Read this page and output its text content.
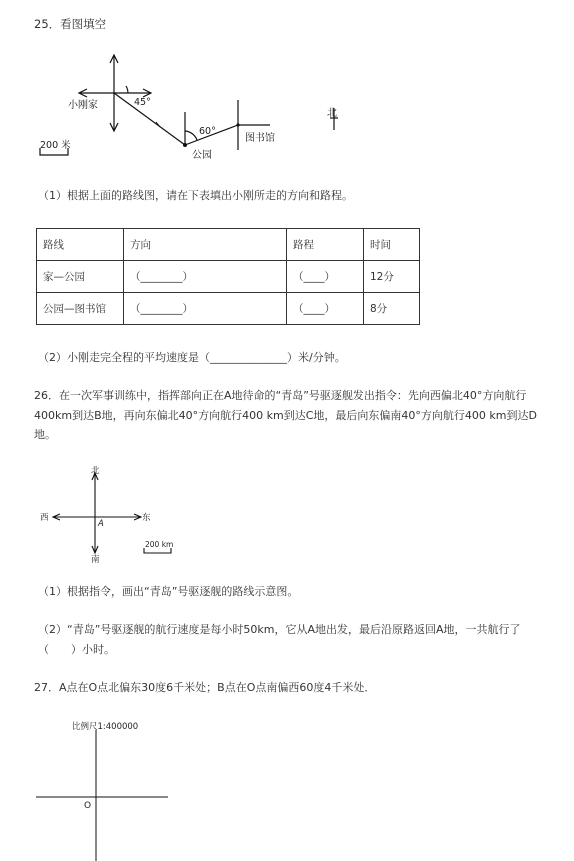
25．看图填空
小刚家	45°
60°
公园
图书馆
北
200 米
（1）根据上面的路线图，请在下表填出小刚所走的方向和路程。
路线	方向	路程	时间
家—公园	（________）	（____）	12分
公园—图书馆	（________）	（____）	8分
（2）小刚走完全程的平均速度是（______________）米/分钟。
26．在一次军事训练中，指挥部向正在A地待命的“青岛”号驱逐舰发出指令：先向西偏北40°方向航行
400km到达B地，再向东偏北40°方向航行400 km到达C地，最后向东偏南40°方向航行400 km到达D
地。
北
西	东
南
A
200 km
（1）根据指令，画出“青岛”号驱逐舰的路线示意图。
（2）“青岛”号驱逐舰的航行速度是每小时50km，它从A地出发，最后沿原路返回A地，一共航行了
（　　）小时。
27．A点在O点北偏东30度6千米处；B点在O点南偏西60度4千米处．
比例尺1:400000
O
